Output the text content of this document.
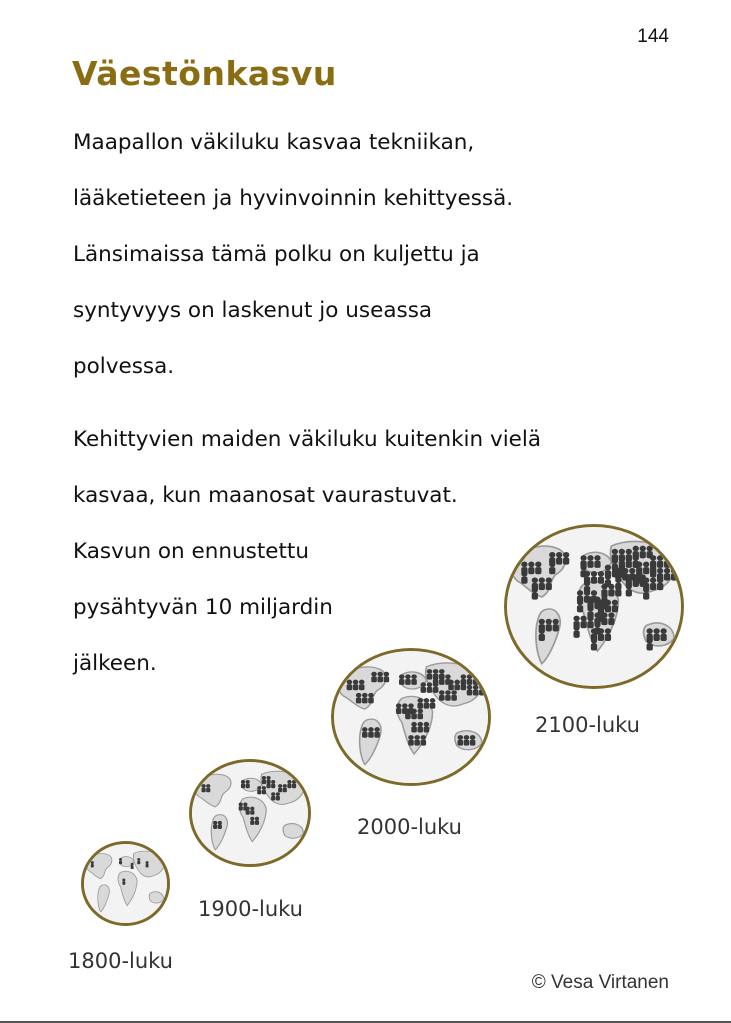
144
Väestönkasvu

Maapallon väkiluku kasvaa tekniikan,
lääketieteen ja hyvinvoinnin kehittyessä.
Länsimaissa tämä polku on kuljettu ja
syntyvyys on laskenut jo useassa
polvessa.

Kehittyvien maiden väkiluku kuitenkin vielä
kasvaa, kun maanosat vaurastuvat.
Kasvun on ennustettu
pysähtyvän 10 miljardin
jälkeen.

1800-luku
1900-luku
2000-luku
2100-luku
© Vesa Virtanen
